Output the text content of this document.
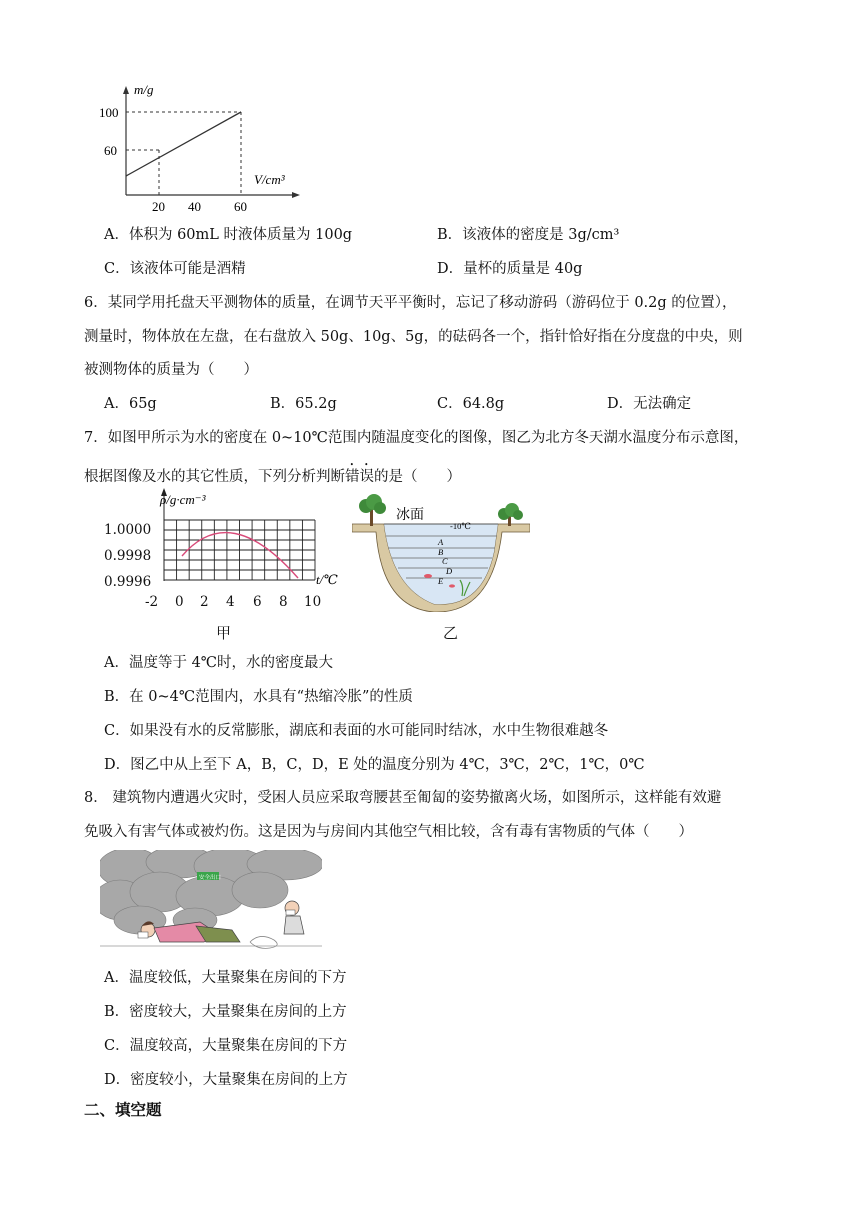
m/g
V/cm³
100
60
20 40	60
A．体积为 60mL 时液体质量为 100g	B．该液体的密度是 3g/cm³
C．该液体可能是酒精	D．量杯的质量是 40g
6．某同学用托盘天平测物体的质量，在调节天平平衡时，忘记了移动游码（游码位于 0.2g 的位置），
测量时，物体放在左盘，在右盘放入 50g、10g、5g，的砝码各一个，指针恰好指在分度盘的中央，则
被测物体的质量为（　　）
A．65g	B．65.2g	C．64.8g	D．无法确定
7．如图甲所示为水的密度在 0~10℃范围内随温度变化的图像，图乙为北方冬天湖水温度分布示意图，
根据图像及水的其它性质，下列分析判断错误的是（　　）
ρ/g·cm⁻³
t/℃
1.0000
0.9998
0.9996
-2 0 2 4 6 8 10
甲
冰面
-10℃
A
B
C
D
E
乙
A．温度等于 4℃时，水的密度最大
B．在 0~4℃范围内，水具有“热缩冷胀”的性质
C．如果没有水的反常膨胀，湖底和表面的水可能同时结冰，水中生物很难越冬
D．图乙中从上至下 A，B，C，D，E 处的温度分别为 4℃，3℃，2℃，1℃，0℃
8． 建筑物内遭遇火灾时，受困人员应采取弯腰甚至匍匐的姿势撤离火场，如图所示，这样能有效避
免吸入有害气体或被灼伤。这是因为与房间内其他空气相比较，含有毒有害物质的气体（　　）
安全出口
A．温度较低，大量聚集在房间的下方
B．密度较大，大量聚集在房间的上方
C．温度较高，大量聚集在房间的下方
D．密度较小，大量聚集在房间的上方
二、填空题
